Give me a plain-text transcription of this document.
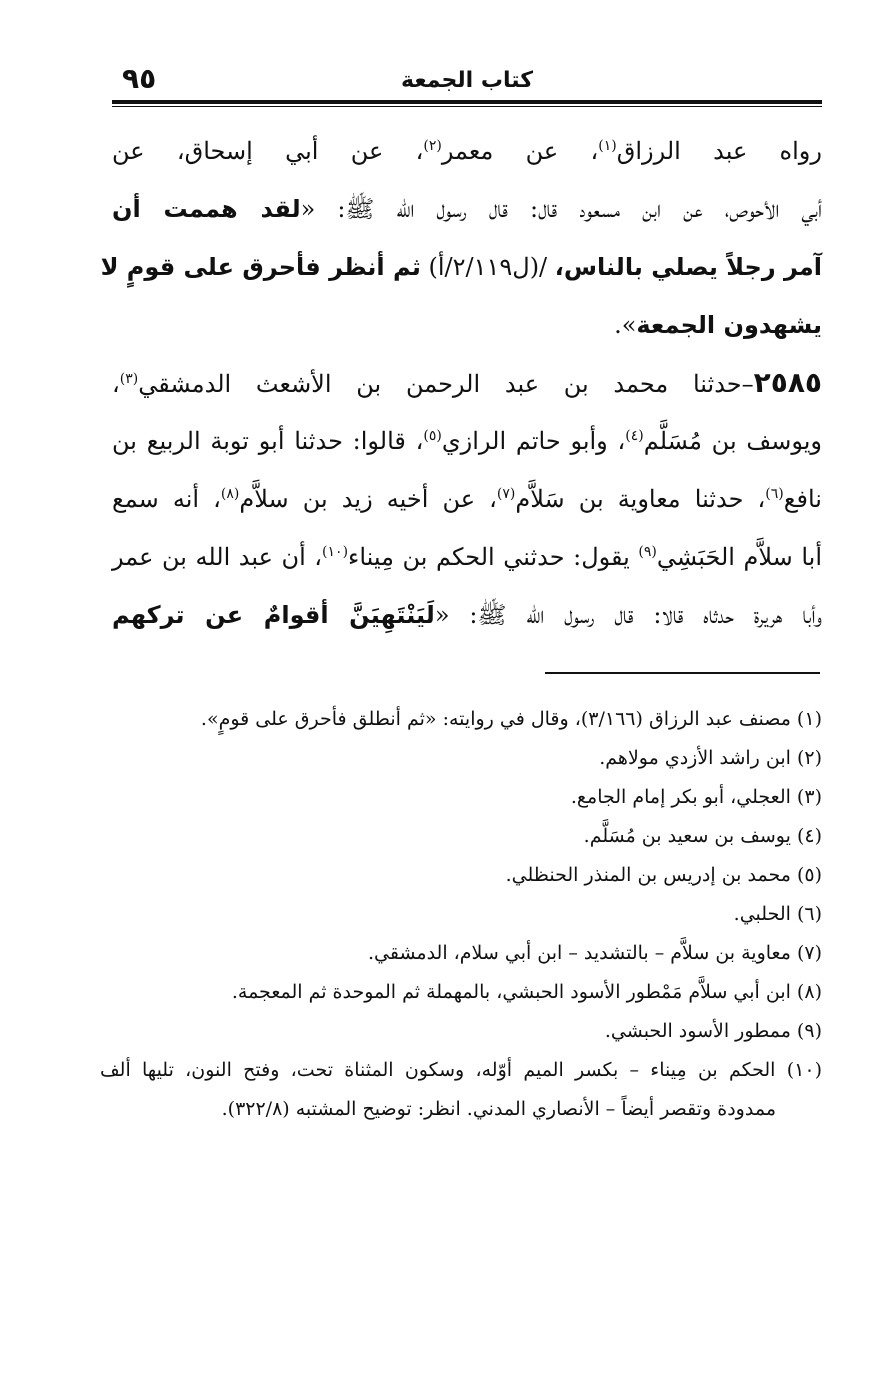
٩٥	كتاب الجمعة
رواه عبد الرزاق$^{(١)}$، عن معمر$^{(٢)}$، عن أبي إسحاق، عن
أبي الأحوص، عن ابن مسعود قال: قال رسول الله ﷺ: «لقد هممت أن
آمر رجلاً يصلي بالناس، /(ل٢/١١٩/أ) ثم أنظر فأحرق على قومٍ لا
يشهدون الجمعة».
٢٥٨٥–حدثنا محمد بن عبد الرحمن بن الأشعث الدمشقي$^{(٣)}$،
ويوسف بن مُسَلَّم$^{(٤)}$، وأبو حاتم الرازي$^{(٥)}$، قالوا: حدثنا أبو توبة الربيع بن
نافع$^{(٦)}$، حدثنا معاوية بن سَلاَّم$^{(٧)}$، عن أخيه زيد بن سلاَّم$^{(٨)}$، أنه سمع
أبا سلاَّم الحَبَشِي$^{(٩)}$ يقول: حدثني الحكم بن مِيناء$^{(١٠)}$، أن عبد الله بن عمر
وأبا هريرة حدثاه قالا: قال رسول الله ﷺ: «لَيَنْتَهِيَنَّ أقوامٌ عن تركهم
(١) مصنف عبد الرزاق (٣/١٦٦)، وقال في روايته: «ثم أنطلق فأحرق على قومٍ».
(٢) ابن راشد الأزدي مولاهم.
(٣) العجلي، أبو بكر إمام الجامع.
(٤) يوسف بن سعيد بن مُسَلَّم.
(٥) محمد بن إدريس بن المنذر الحنظلي.
(٦) الحلبي.
(٧) معاوية بن سلاَّم – بالتشديد – ابن أبي سلام، الدمشقي.
(٨) ابن أبي سلاَّم مَمْطور الأسود الحبشي، بالمهملة ثم الموحدة ثم المعجمة.
(٩) ممطور الأسود الحبشي.
(١٠) الحكم بن مِيناء – بكسر الميم أوّله، وسكون المثناة تحت، وفتح النون، تليها ألف
ممدودة وتقصر أيضاً – الأنصاري المدني. انظر: توضيح المشتبه (٣٢٢/٨).
